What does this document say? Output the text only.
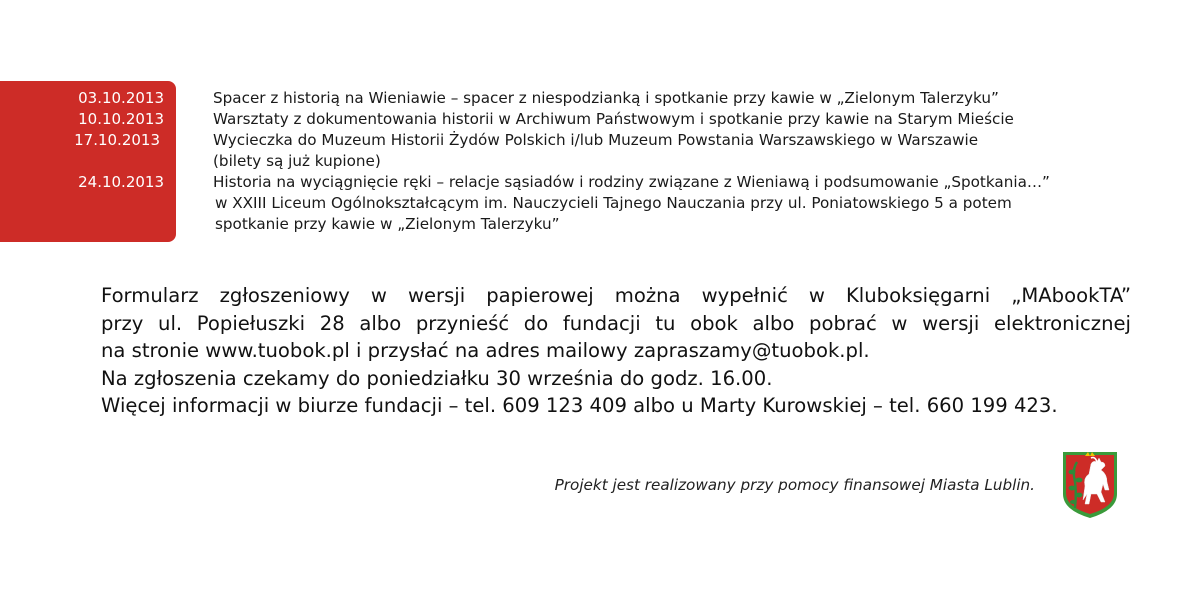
03.10.2013	Spacer z historią na Wieniawie – spacer z niespodzianką i spotkanie przy kawie w „Zielonym Talerzyku”
10.10.2013	Warsztaty z dokumentowania historii w Archiwum Państwowym i spotkanie przy kawie na Starym Mieście
17.10.2013	Wycieczka do Muzeum Historii Żydów Polskich i/lub Muzeum Powstania Warszawskiego w Warszawie
(bilety są już kupione)
24.10.2013	Historia na wyciągnięcie ręki – relacje sąsiadów i rodziny związane z Wieniawą i podsumowanie „Spotkania…”
w XXIII Liceum Ogólnokształcącym im. Nauczycieli Tajnego Nauczania przy ul. Poniatowskiego 5 a potem
spotkanie przy kawie w „Zielonym Talerzyku”
Formularz zgłoszeniowy w wersji papierowej można wypełnić w Kluboksięgarni „MAbookTA”
przy ul. Popiełuszki 28 albo przynieść do fundacji tu obok albo pobrać w wersji elektronicznej
na stronie www.tuobok.pl i przysłać na adres mailowy zapraszamy@tuobok.pl.
Na zgłoszenia czekamy do poniedziałku 30 września do godz. 16.00.
Więcej informacji w biurze fundacji – tel. 609 123 409 albo u Marty Kurowskiej – tel. 660 199 423.
Projekt jest realizowany przy pomocy finansowej Miasta Lublin.
